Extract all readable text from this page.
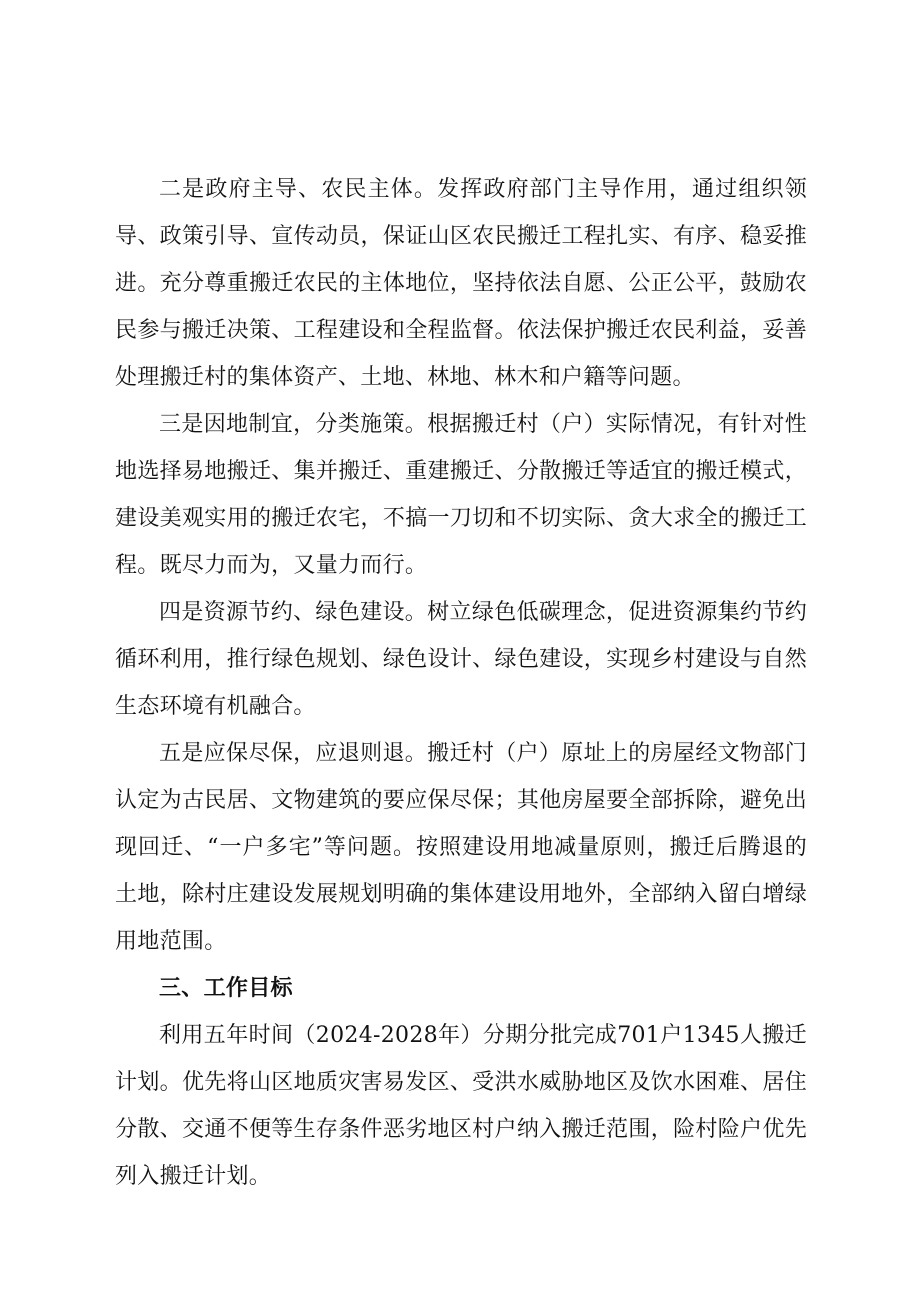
二是政府主导、农民主体。发挥政府部门主导作用，通过组织领导、政策引导、宣传动员，保证山区农民搬迁工程扎实、有序、稳妥推进。充分尊重搬迁农民的主体地位，坚持依法自愿、公正公平，鼓励农民参与搬迁决策、工程建设和全程监督。依法保护搬迁农民利益，妥善处理搬迁村的集体资产、土地、林地、林木和户籍等问题。

三是因地制宜，分类施策。根据搬迁村（户）实际情况，有针对性地选择易地搬迁、集并搬迁、重建搬迁、分散搬迁等适宜的搬迁模式，建设美观实用的搬迁农宅，不搞一刀切和不切实际、贪大求全的搬迁工程。既尽力而为，又量力而行。

四是资源节约、绿色建设。树立绿色低碳理念，促进资源集约节约循环利用，推行绿色规划、绿色设计、绿色建设，实现乡村建设与自然生态环境有机融合。

五是应保尽保，应退则退。搬迁村（户）原址上的房屋经文物部门认定为古民居、文物建筑的要应保尽保；其他房屋要全部拆除，避免出现回迁、“一户多宅”等问题。按照建设用地减量原则，搬迁后腾退的土地，除村庄建设发展规划明确的集体建设用地外，全部纳入留白增绿用地范围。

三、工作目标

利用五年时间（2024-2028年）分期分批完成701户1345人搬迁计划。优先将山区地质灾害易发区、受洪水威胁地区及饮水困难、居住分散、交通不便等生存条件恶劣地区村户纳入搬迁范围，险村险户优先列入搬迁计划。
